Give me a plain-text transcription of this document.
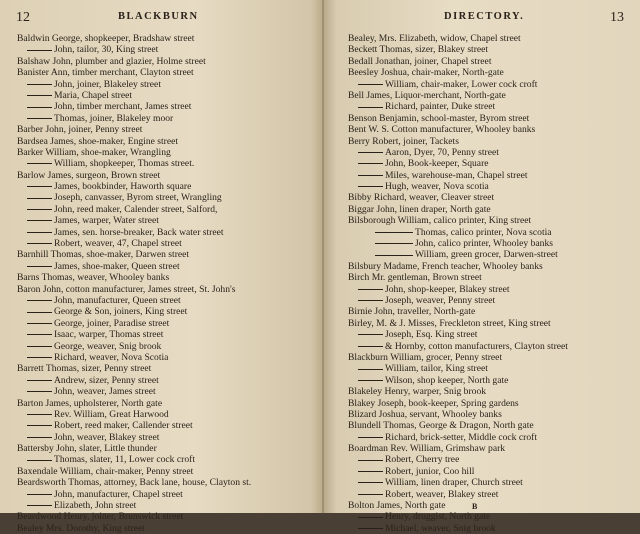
12	BLACKBURN
Baldwin George, shopkeeper, Bradshaw street
John, tailor, 30, King street
Balshaw John, plumber and glazier, Holme street
Banister Ann, timber merchant, Clayton street
John, joiner, Blakeley street
Maria, Chapel street
John, timber merchant, James street
Thomas, joiner, Blakeley moor
Barber John, joiner, Penny street
Bardsea James, shoe-maker, Engine street
Barker William, shoe-maker, Wrangling
William, shopkeeper, Thomas street.
Barlow James, surgeon, Brown street
James, bookbinder, Haworth square
Joseph, canvasser, Byrom street, Wrangling
John, reed maker, Calender street, Salford,
James, warper, Water street
James, sen. horse-breaker, Back water street
Robert, weaver, 47, Chapel street
Barnhill Thomas, shoe-maker, Darwen street
James, shoe-maker, Queen street
Barns Thomas, weaver, Whooley banks
Baron John, cotton manufacturer, James street, St. John's
John, manufacturer, Queen street
George & Son, joiners, King street
George, joiner, Paradise street
Isaac, warper, Thomas street
George, weaver, Snig brook
Richard, weaver, Nova Scotia
Barrett Thomas, sizer, Penny street
Andrew, sizer, Penny street
John, weaver, James street
Barton James, upholsterer, North gate
Rev. William, Great Harwood
Robert, reed maker, Callender street
John, weaver, Blakey street
Battersby John, slater, Little thunder
Thomas, slater, 11, Lower cock croft
Baxendale William, chair-maker, Penny street
Beardsworth Thomas, attorney, Back lane, house, Clayton st.
John, manufacturer, Chapel street
Elizabeth, John street
Beardwood Henry, joiner, Brunswick street
Bealey Mrs. Dorothy, King street
DIRECTORY.	13
Bealey, Mrs. Elizabeth, widow, Chapel street
Beckett Thomas, sizer, Blakey street
Bedall Jonathan, joiner, Chapel street
Beesley Joshua, chair-maker, North-gate
William, chair-maker, Lower cock croft
Bell James, Liquor-merchant, North-gate
Richard, painter, Duke street
Benson Benjamin, school-master, Byrom street
Bent W. S. Cotton manufacturer, Whooley banks
Berry Robert, joiner, Tackets
Aaron, Dyer, 70, Penny street
John, Book-keeper, Square
Miles, warehouse-man, Chapel street
Hugh, weaver, Nova scotia
Bibby Richard, weaver, Cleaver street
Biggar John, linen draper, North gate
Bilsborough William, calico printer, King street
Thomas, calico printer, Nova scotia
John, calico printer, Whooley banks
William, green grocer, Darwen-street
Bilsbury Madame, French teacher, Whooley banks
Birch Mr. gentleman, Brown street
John, shop-keeper, Blakey street
Joseph, weaver, Penny street
Birnie John, traveller, North-gate
Birley, M. & J. Misses, Freckleton street, King street
Joseph, Esq. King street
& Hornby, cotton manufacturers, Clayton street
Blackburn William, grocer, Penny street
William, tailor, King street
Wilson, shop keeper, North gate
Blakeley Henry, warper, Snig brook
Blakey Joseph, book-keeper, Spring gardens
Blizard Joshua, servant, Whooley banks
Blundell Thomas, George & Dragon, North gate
Richard, brick-setter, Middle cock croft
Boardman Rev. William, Grimshaw park
Robert, Cherry tree
Robert, junior, Coo hill
William, linen draper, Church street
Robert, weaver, Blakey street
Bolton James, North gate
Henry, druggist, North gate
Michael, weaver, Snig brook
B
